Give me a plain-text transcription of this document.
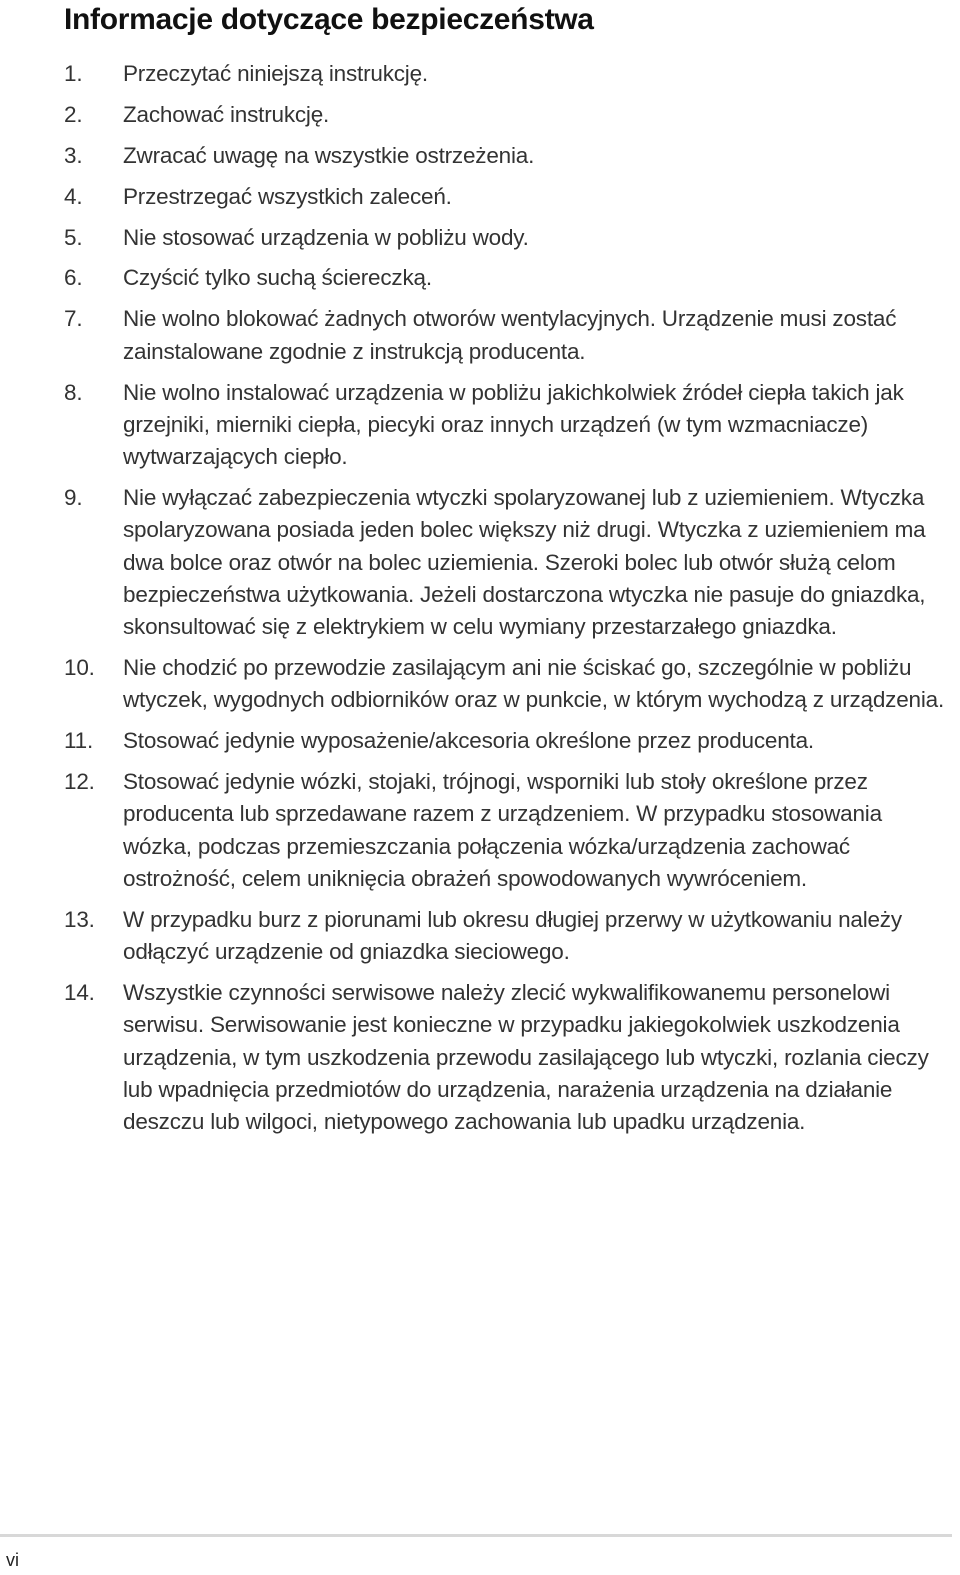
Informacje dotyczące bezpieczeństwa
1. Przeczytać niniejszą instrukcję.
2. Zachować instrukcję.
3. Zwracać uwagę na wszystkie ostrzeżenia.
4. Przestrzegać wszystkich zaleceń.
5. Nie stosować urządzenia w pobliżu wody.
6. Czyścić tylko suchą ściereczką.
7. Nie wolno blokować żadnych otworów wentylacyjnych. Urządzenie musi zostać zainstalowane zgodnie z instrukcją producenta.
8. Nie wolno instalować urządzenia w pobliżu jakichkolwiek źródeł ciepła takich jak grzejniki, mierniki ciepła, piecyki oraz innych urządzeń (w tym wzmacniacze) wytwarzających ciepło.
9. Nie wyłączać zabezpieczenia wtyczki spolaryzowanej lub z uziemieniem. Wtyczka spolaryzowana posiada jeden bolec większy niż drugi. Wtyczka z uziemieniem ma dwa bolce oraz otwór na bolec uziemienia. Szeroki bolec lub otwór służą celom bezpieczeństwa użytkowania. Jeżeli dostarczona wtyczka nie pasuje do gniazdka, skonsultować się z elektrykiem w celu wymiany przestarzałego gniazdka.
10. Nie chodzić po przewodzie zasilającym ani nie ściskać go, szczególnie w pobliżu wtyczek, wygodnych odbiorników oraz w punkcie, w którym wychodzą z urządzenia.
11. Stosować jedynie wyposażenie/akcesoria określone przez producenta.
12. Stosować jedynie wózki, stojaki, trójnogi, wsporniki lub stoły określone przez producenta lub sprzedawane razem z urządzeniem. W przypadku stosowania wózka, podczas przemieszczania połączenia wózka/urządzenia zachować ostrożność, celem uniknięcia obrażeń spowodowanych wywróceniem.
13. W przypadku burz z piorunami lub okresu długiej przerwy w użytkowaniu należy odłączyć urządzenie od gniazdka sieciowego.
14. Wszystkie czynności serwisowe należy zlecić wykwalifikowanemu personelowi serwisu. Serwisowanie jest konieczne w przypadku jakiegokolwiek uszkodzenia urządzenia, w tym uszkodzenia przewodu zasilającego lub wtyczki, rozlania cieczy lub wpadnięcia przedmiotów do urządzenia, narażenia urządzenia na działanie deszczu lub wilgoci, nietypowego zachowania lub upadku urządzenia.
vi
